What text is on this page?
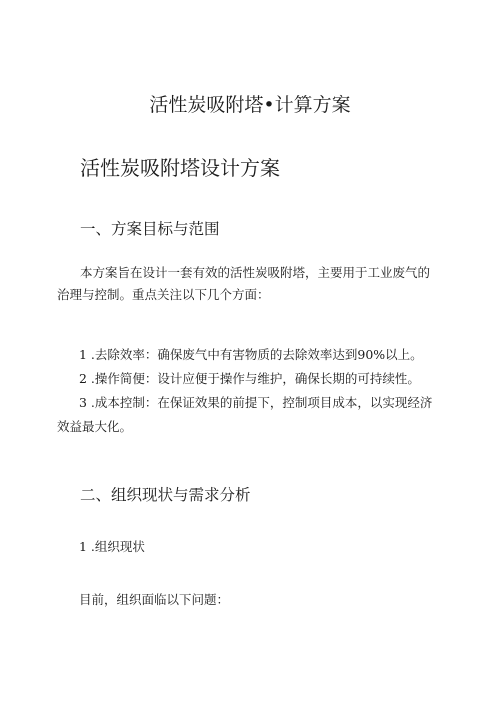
活性炭吸附塔•计算方案
活性炭吸附塔设计方案
一、方案目标与范围
本方案旨在设计一套有效的活性炭吸附塔，主要用于工业废气的
治理与控制。重点关注以下几个方面：
1 .去除效率：确保废气中有害物质的去除效率达到90%以上。
2 .操作简便：设计应便于操作与维护，确保长期的可持续性。
3 .成本控制：在保证效果的前提下，控制项目成本，以实现经济
效益最大化。
二、组织现状与需求分析
1 .组织现状
目前，组织面临以下问题：
